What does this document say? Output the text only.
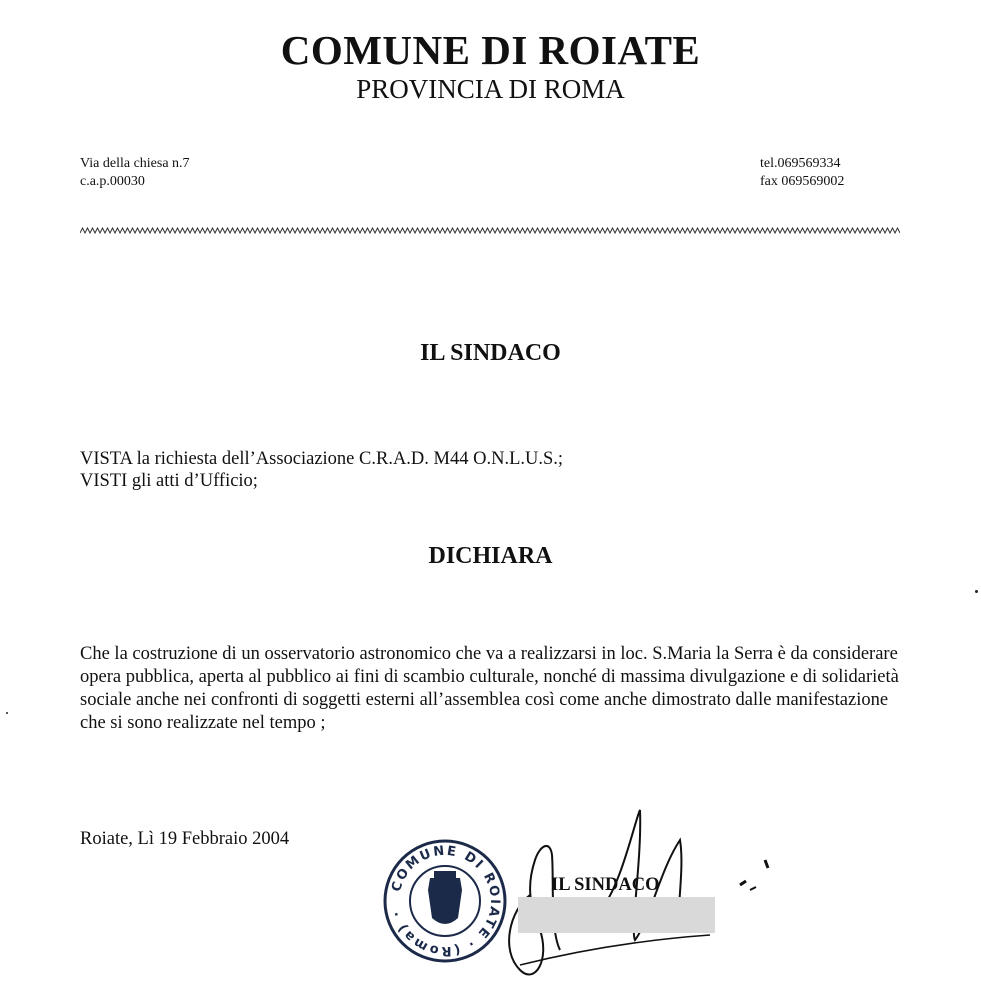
COMUNE DI ROIATE
PROVINCIA DI ROMA
Via della chiesa n.7
c.a.p.00030
tel.069569334
fax 069569002
IL SINDACO
VISTA la richiesta dell’Associazione C.R.A.D. M44 O.N.L.U.S.;
VISTI gli atti d’Ufficio;
DICHIARA

Che la costruzione di un osservatorio astronomico che va a realizzarsi in loc. S.Maria la Serra è da considerare opera pubblica, aperta al pubblico ai fini di scambio culturale, nonché di massima divulgazione e di solidarietà sociale anche nei confronti di soggetti esterni all’assemblea così come anche dimostrato dalle manifestazione che si sono realizzate nel tempo ;

Roiate, Lì 19 Febbraio 2004
COMUNE DI ROIATE · (Roma) ·
IL SINDACO
